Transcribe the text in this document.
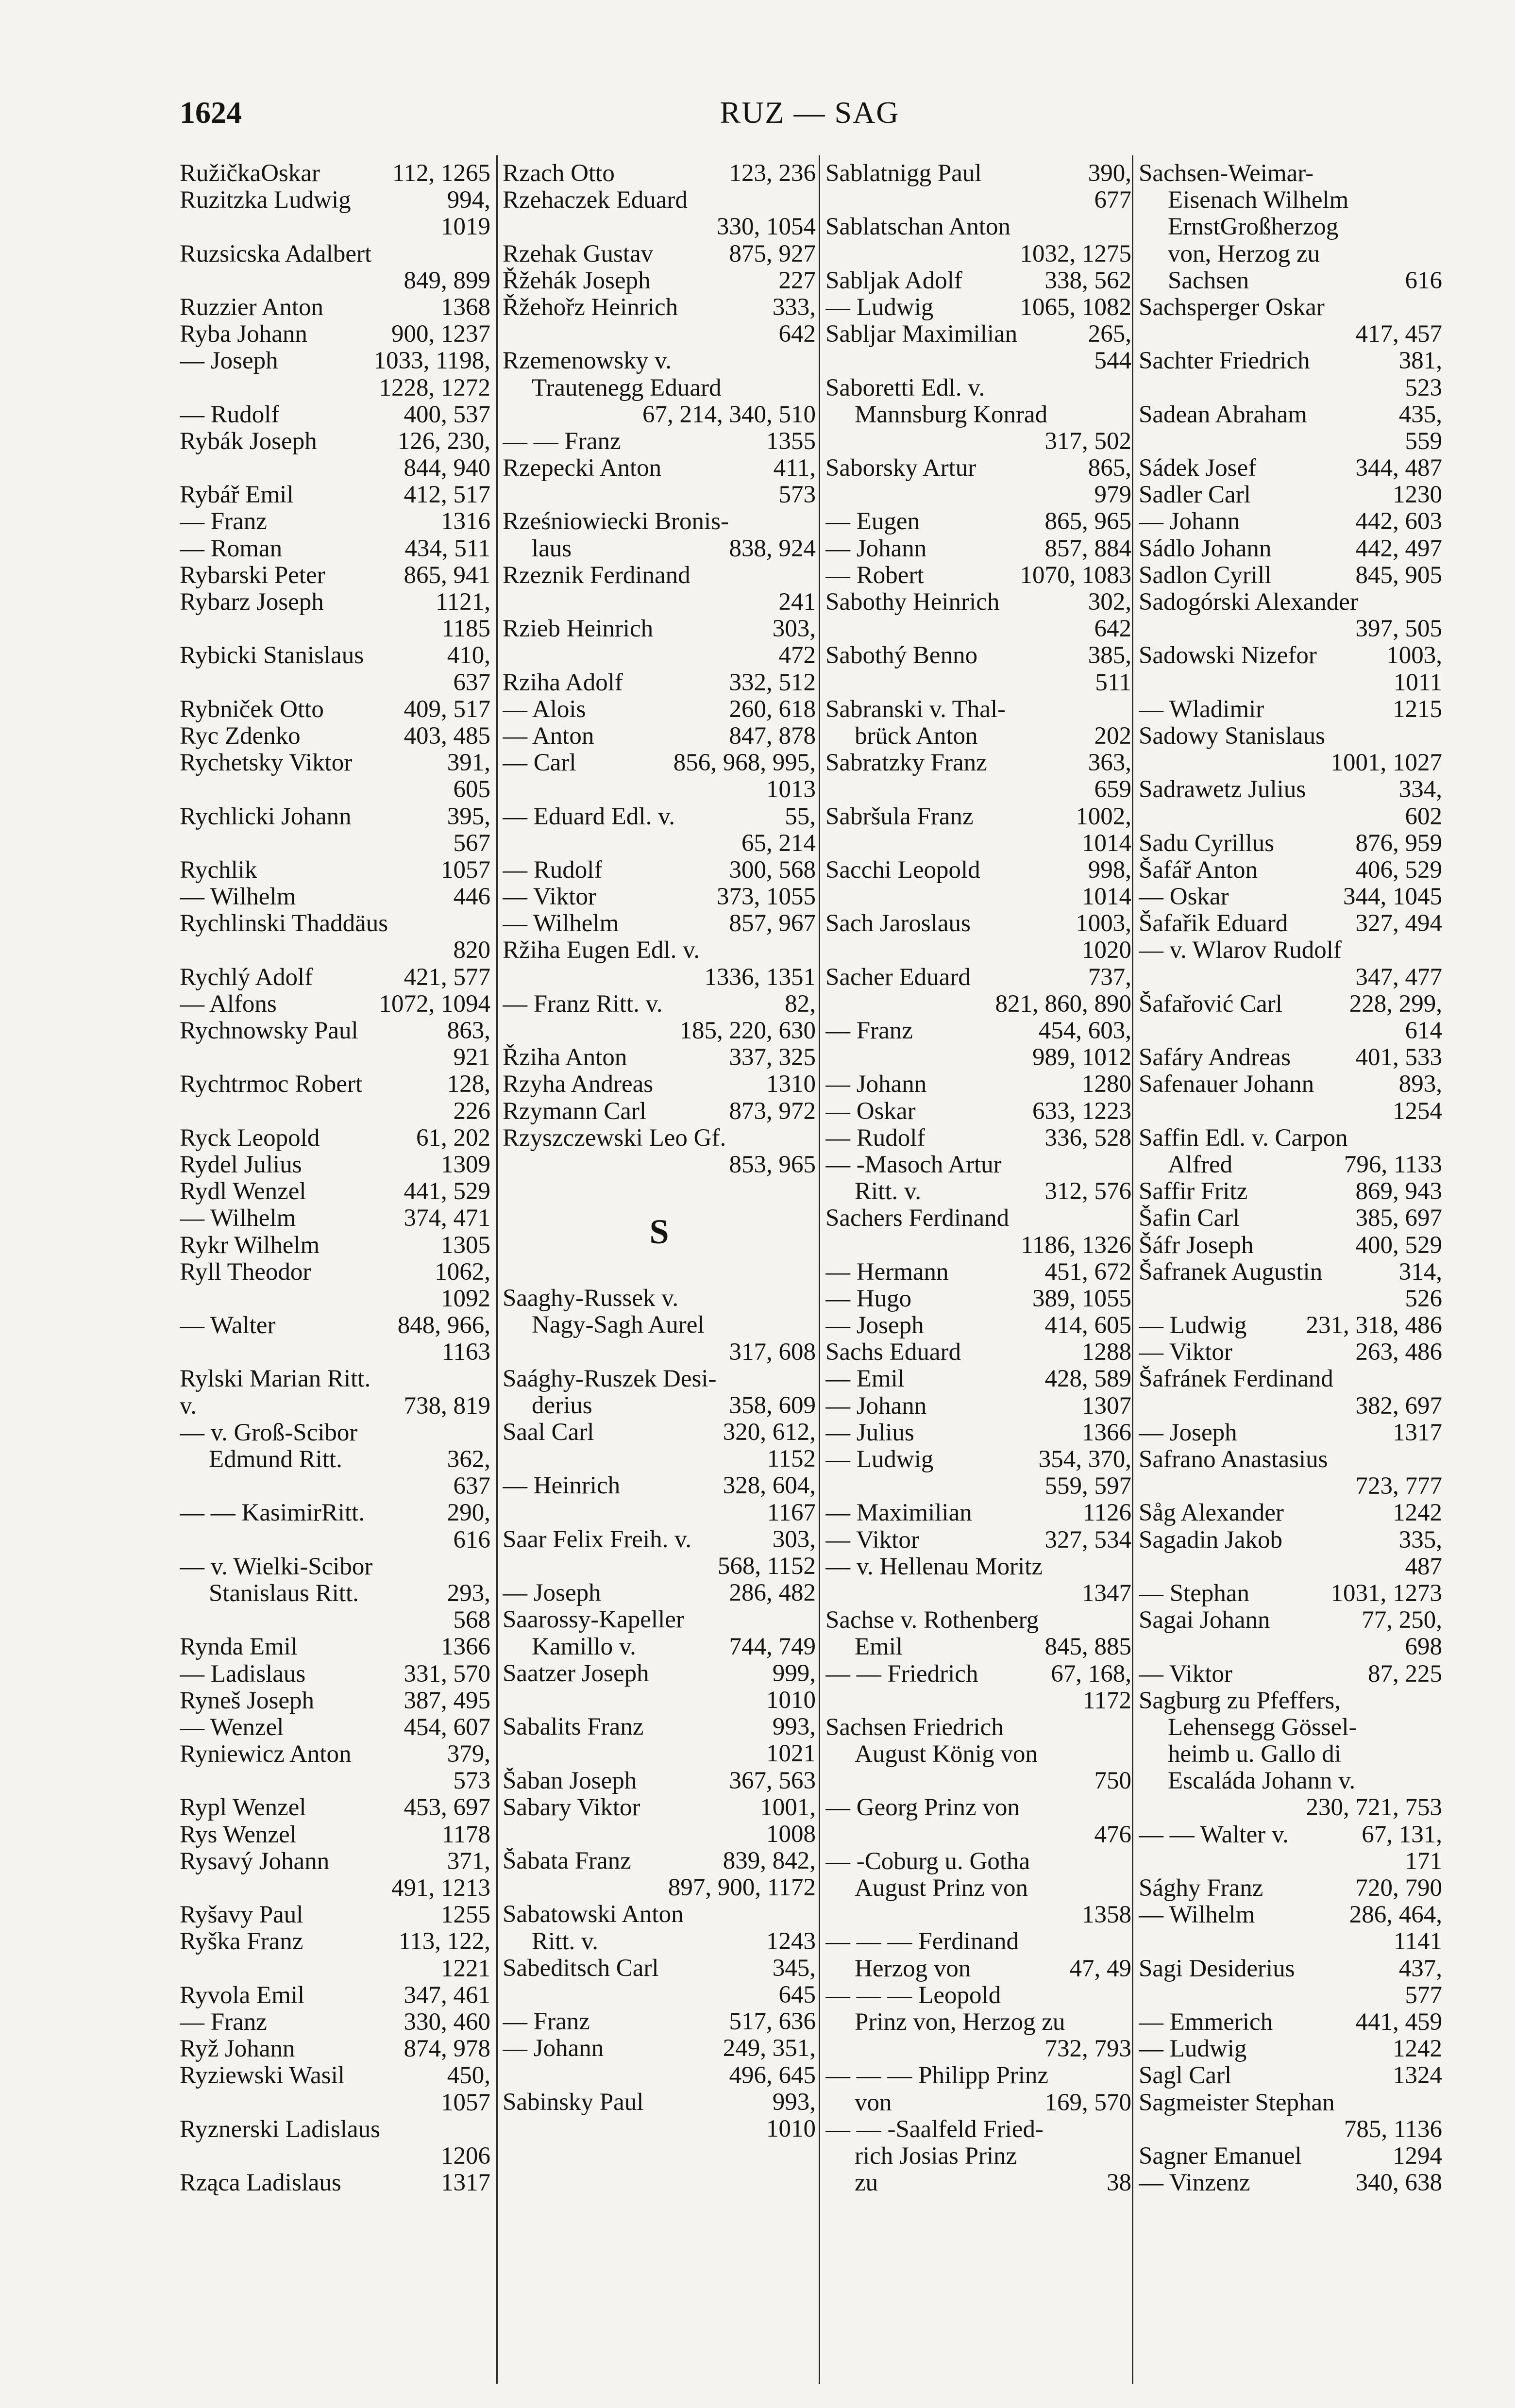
1624	RUZ — SAG
RužičkaOskar	112, 1265
Ruzitzka Ludwig	994,
1019
Ruzsicska Adalbert
849, 899
Ruzzier Anton	1368
Ryba Johann	900, 1237
— Joseph	1033, 1198,
1228, 1272
— Rudolf	400, 537
Rybák Joseph	126, 230,
844, 940
Rybář Emil	412, 517
— Franz	1316
— Roman	434, 511
Rybarski Peter	865, 941
Rybarz Joseph	1121,
1185
Rybicki Stanislaus	410,
637
Rybniček Otto	409, 517
Ryc Zdenko	403, 485
Rychetsky Viktor	391,
605
Rychlicki Johann	395,
567
Rychlik	1057
— Wilhelm	446
Rychlinski Thaddäus
820
Rychlý Adolf	421, 577
— Alfons	1072, 1094
Rychnowsky Paul	863,
921
Rychtrmoc Robert	128,
226
Ryck Leopold	61, 202
Rydel Julius	1309
Rydl Wenzel	441, 529
— Wilhelm	374, 471
Rykr Wilhelm	1305
Ryll Theodor	1062,
1092
— Walter	848, 966,
1163
Rylski Marian Ritt.
v.	738, 819
— v. Groß-Scibor
Edmund Ritt.	362,
637
— — KasimirRitt.	290,
616
— v. Wielki-Scibor
Stanislaus Ritt.	293,
568
Rynda Emil	1366
— Ladislaus	331, 570
Ryneš Joseph	387, 495
— Wenzel	454, 607
Ryniewicz Anton	379,
573
Rypl Wenzel	453, 697
Rys Wenzel	1178
Rysavý Johann	371,
491, 1213
Ryšavy Paul	1255
Ryška Franz	113, 122,
1221
Ryvola Emil	347, 461
— Franz	330, 460
Ryž Johann	874, 978
Ryziewski Wasil	450,
1057
Ryznerski Ladislaus
1206
Rząca Ladislaus	1317
Rzach Otto	123, 236
Rzehaczek Eduard
330, 1054
Rzehak Gustav	875, 927
Řžehák Joseph	227
Řžehořz Heinrich	333,
642
Rzemenowsky v.
Trautenegg Eduard
67, 214, 340, 510
— — Franz	1355
Rzepecki Anton	411,
573
Rześniowiecki Bronis-
laus	838, 924
Rzeznik Ferdinand
241
Rzieb Heinrich	303,
472
Rziha Adolf	332, 512
— Alois	260, 618
— Anton	847, 878
— Carl	856, 968, 995,
1013
— Eduard Edl. v.	55,
65, 214
— Rudolf	300, 568
— Viktor	373, 1055
— Wilhelm	857, 967
Ržiha Eugen Edl. v.
1336, 1351
— Franz Ritt. v.	82,
185, 220, 630
Řziha Anton	337, 325
Rzyha Andreas	1310
Rzymann Carl	873, 972
Rzyszczewski Leo Gf.
853, 965
S
Saaghy-Russek v.
Nagy-Sagh Aurel
317, 608
Saághy-Ruszek Desi-
derius	358, 609
Saal Carl	320, 612,
1152
— Heinrich	328, 604,
1167
Saar Felix Freih. v.	303,
568, 1152
— Joseph	286, 482
Saarossy-Kapeller
Kamillo v.	744, 749
Saatzer Joseph	999,
1010
Sabalits Franz	993,
1021
Šaban Joseph	367, 563
Sabary Viktor	1001,
1008
Šabata Franz	839, 842,
897, 900, 1172
Sabatowski Anton
Ritt. v.	1243
Sabeditsch Carl	345,
645
— Franz	517, 636
— Johann	249, 351,
496, 645
Sabinsky Paul	993,
1010
Sablatnigg Paul	390,
677
Sablatschan Anton
1032, 1275
Sabljak Adolf	338, 562
— Ludwig	1065, 1082
Sabljar Maximilian	265,
544
Saboretti Edl. v.
Mannsburg Konrad
317, 502
Saborsky Artur	865,
979
— Eugen	865, 965
— Johann	857, 884
— Robert	1070, 1083
Sabothy Heinrich	302,
642
Sabothý Benno	385,
511
Sabranski v. Thal-
brück Anton	202
Sabratzky Franz	363,
659
Sabršula Franz	1002,
1014
Sacchi Leopold	998,
1014
Sach Jaroslaus	1003,
1020
Sacher Eduard	737,
821, 860, 890
— Franz	454, 603,
989, 1012
— Johann	1280
— Oskar	633, 1223
— Rudolf	336, 528
— -Masoch Artur
Ritt. v.	312, 576
Sachers Ferdinand
1186, 1326
— Hermann	451, 672
— Hugo	389, 1055
— Joseph	414, 605
Sachs Eduard	1288
— Emil	428, 589
— Johann	1307
— Julius	1366
— Ludwig	354, 370,
559, 597
— Maximilian	1126
— Viktor	327, 534
— v. Hellenau Moritz
1347
Sachse v. Rothenberg
Emil	845, 885
— — Friedrich	67, 168,
1172
Sachsen Friedrich
August König von
750
— Georg Prinz von
476
— -Coburg u. Gotha
August Prinz von
1358
— — — Ferdinand
Herzog von	47, 49
— — — Leopold
Prinz von, Herzog zu
732, 793
— — — Philipp Prinz
von	169, 570
— — -Saalfeld Fried-
rich Josias Prinz
zu	38
Sachsen-Weimar-
Eisenach Wilhelm
ErnstGroßherzog
von, Herzog zu
Sachsen	616
Sachsperger Oskar
417, 457
Sachter Friedrich	381,
523
Sadean Abraham	435,
559
Sádek Josef	344, 487
Sadler Carl	1230
— Johann	442, 603
Sádlo Johann	442, 497
Sadlon Cyrill	845, 905
Sadogórski Alexander
397, 505
Sadowski Nizefor	1003,
1011
— Wladimir	1215
Sadowy Stanislaus
1001, 1027
Sadrawetz Julius	334,
602
Sadu Cyrillus	876, 959
Šafář Anton	406, 529
— Oskar	344, 1045
Šafařik Eduard	327, 494
— v. Wlarov Rudolf
347, 477
Šafařović Carl	228, 299,
614
Safáry Andreas	401, 533
Safenauer Johann	893,
1254
Saffin Edl. v. Carpon
Alfred	796, 1133
Saffir Fritz	869, 943
Šafin Carl	385, 697
Šáfr Joseph	400, 529
Šafranek Augustin	314,
526
— Ludwig 231, 318, 486
— Viktor	263, 486
Šafránek Ferdinand
382, 697
— Joseph	1317
Safrano Anastasius
723, 777
Såg Alexander	1242
Sagadin Jakob	335,
487
— Stephan	1031, 1273
Sagai Johann	77, 250,
698
— Viktor	87, 225
Sagburg zu Pfeffers,
Lehensegg Gössel-
heimb u. Gallo di
Escaláda Johann v.
230, 721, 753
— — Walter v.	67, 131,
171
Sághy Franz	720, 790
— Wilhelm	286, 464,
1141
Sagi Desiderius	437,
577
— Emmerich	441, 459
— Ludwig	1242
Sagl Carl	1324
Sagmeister Stephan
785, 1136
Sagner Emanuel	1294
— Vinzenz	340, 638
